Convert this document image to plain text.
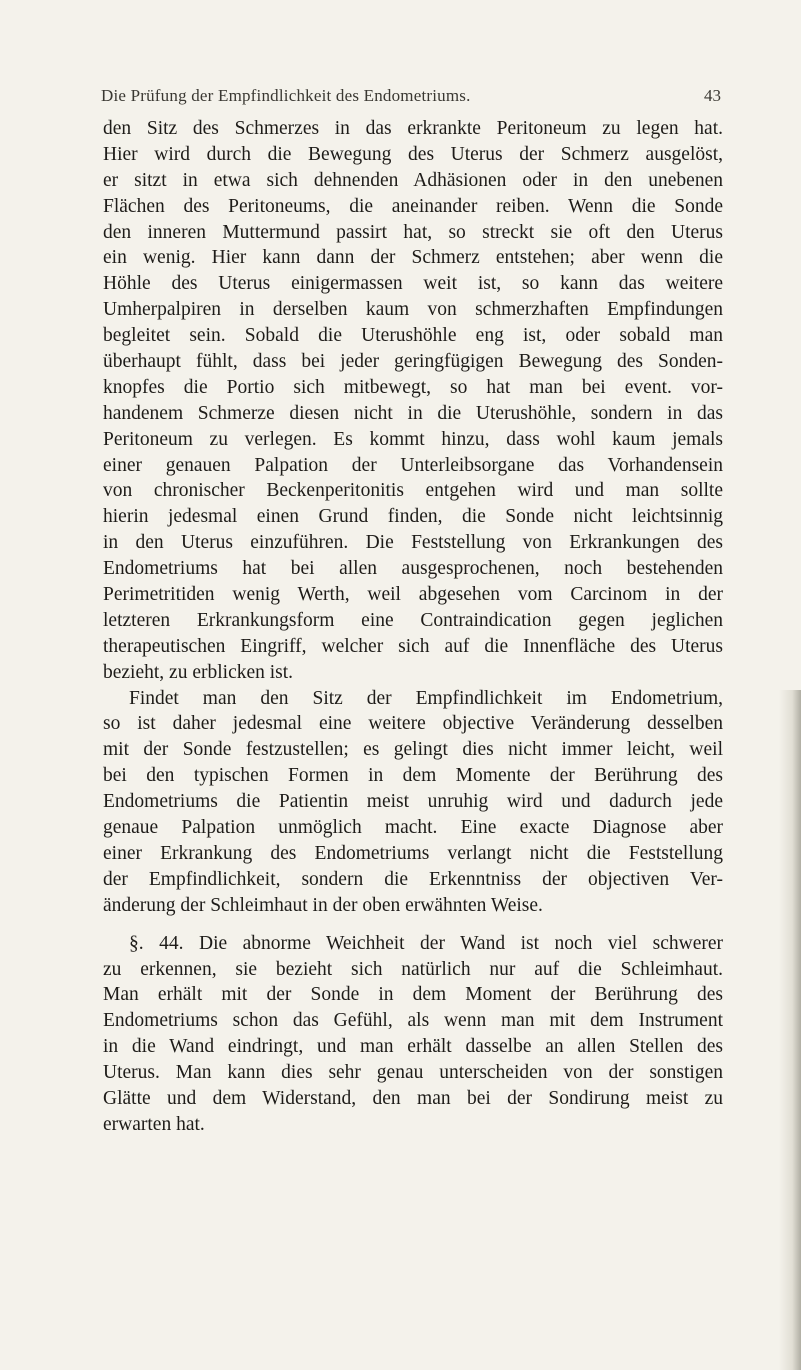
Die Prüfung der Empfindlichkeit des Endometriums.	43
den Sitz des Schmerzes in das erkrankte Peritoneum zu legen hat.
Hier wird durch die Bewegung des Uterus der Schmerz ausgelöst,
er sitzt in etwa sich dehnenden Adhäsionen oder in den unebenen
Flächen des Peritoneums, die aneinander reiben. Wenn die Sonde
den inneren Muttermund passirt hat, so streckt sie oft den Uterus
ein wenig. Hier kann dann der Schmerz entstehen; aber wenn die
Höhle des Uterus einigermassen weit ist, so kann das weitere
Umherpalpiren in derselben kaum von schmerzhaften Empfindungen
begleitet sein. Sobald die Uterushöhle eng ist, oder sobald man
überhaupt fühlt, dass bei jeder geringfügigen Bewegung des Sonden-
knopfes die Portio sich mitbewegt, so hat man bei event. vor-
handenem Schmerze diesen nicht in die Uterushöhle, sondern in das
Peritoneum zu verlegen. Es kommt hinzu, dass wohl kaum jemals
einer genauen Palpation der Unterleibsorgane das Vorhandensein
von chronischer Beckenperitonitis entgehen wird und man sollte
hierin jedesmal einen Grund finden, die Sonde nicht leichtsinnig
in den Uterus einzuführen. Die Feststellung von Erkrankungen des
Endometriums hat bei allen ausgesprochenen, noch bestehenden
Perimetritiden wenig Werth, weil abgesehen vom Carcinom in der
letzteren Erkrankungsform eine Contraindication gegen jeglichen
therapeutischen Eingriff, welcher sich auf die Innenfläche des Uterus
bezieht, zu erblicken ist.
Findet man den Sitz der Empfindlichkeit im Endometrium,
so ist daher jedesmal eine weitere objective Veränderung desselben
mit der Sonde festzustellen; es gelingt dies nicht immer leicht, weil
bei den typischen Formen in dem Momente der Berührung des
Endometriums die Patientin meist unruhig wird und dadurch jede
genaue Palpation unmöglich macht. Eine exacte Diagnose aber
einer Erkrankung des Endometriums verlangt nicht die Feststellung
der Empfindlichkeit, sondern die Erkenntniss der objectiven Ver-
änderung der Schleimhaut in der oben erwähnten Weise.
§. 44. Die abnorme Weichheit der Wand ist noch viel schwerer
zu erkennen, sie bezieht sich natürlich nur auf die Schleimhaut.
Man erhält mit der Sonde in dem Moment der Berührung des
Endometriums schon das Gefühl, als wenn man mit dem Instrument
in die Wand eindringt, und man erhält dasselbe an allen Stellen des
Uterus. Man kann dies sehr genau unterscheiden von der sonstigen
Glätte und dem Widerstand, den man bei der Sondirung meist zu
erwarten hat.
